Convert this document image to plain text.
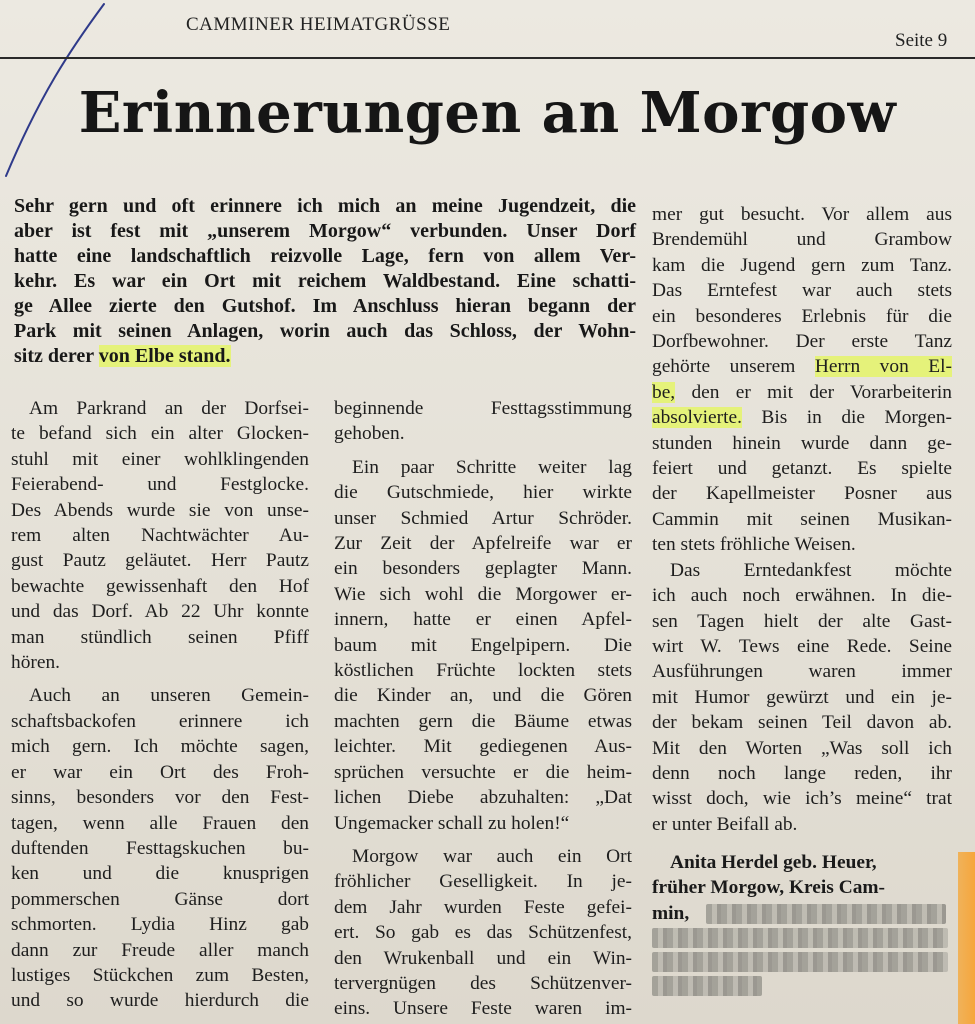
CAMMINER HEIMATGRÜSSE
Seite 9
Erinnerungen an Morgow
Sehr gern und oft erinnere ich mich an meine Jugendzeit, die
aber ist fest mit „unserem Morgow“ verbunden. Unser Dorf
hatte eine landschaftlich reizvolle Lage, fern von allem Ver-
kehr. Es war ein Ort mit reichem Waldbestand. Eine schatti-
ge Allee zierte den Gutshof. Im Anschluss hieran begann der
Park mit seinen Anlagen, worin auch das Schloss, der Wohn-
sitz derer von Elbe stand.
Am Parkrand an der Dorfsei-
te befand sich ein alter Glocken-
stuhl mit einer wohlklingenden
Feierabend- und Festglocke.
Des Abends wurde sie von unse-
rem alten Nachtwächter Au-
gust Pautz geläutet. Herr Pautz
bewachte gewissenhaft den Hof
und das Dorf. Ab 22 Uhr konnte
man stündlich seinen Pfiff
hören.
Auch an unseren Gemein-
schaftsbackofen erinnere ich
mich gern. Ich möchte sagen,
er war ein Ort des Froh-
sinns, besonders vor den Fest-
tagen, wenn alle Frauen den
duftenden Festtagskuchen bu-
ken und die knusprigen
pommerschen Gänse dort
schmorten. Lydia Hinz gab
dann zur Freude aller manch
lustiges Stückchen zum Besten,
und so wurde hierdurch die
beginnende Festtagsstimmung
gehoben.
Ein paar Schritte weiter lag
die Gutschmiede, hier wirkte
unser Schmied Artur Schröder.
Zur Zeit der Apfelreife war er
ein besonders geplagter Mann.
Wie sich wohl die Morgower er-
innern, hatte er einen Apfel-
baum mit Engelpipern. Die
köstlichen Früchte lockten stets
die Kinder an, und die Gören
machten gern die Bäume etwas
leichter. Mit gediegenen Aus-
sprüchen versuchte er die heim-
lichen Diebe abzuhalten: „Dat
Ungemacker schall zu holen!“
Morgow war auch ein Ort
fröhlicher Geselligkeit. In je-
dem Jahr wurden Feste gefei-
ert. So gab es das Schützenfest,
den Wrukenball und ein Win-
tervergnügen des Schützenver-
eins. Unsere Feste waren im-
mer gut besucht. Vor allem aus
Brendemühl und Grambow
kam die Jugend gern zum Tanz.
Das Erntefest war auch stets
ein besonderes Erlebnis für die
Dorfbewohner. Der erste Tanz
gehörte unserem Herrn von El-
be, den er mit der Vorarbeiterin
absolvierte. Bis in die Morgen-
stunden hinein wurde dann ge-
feiert und getanzt. Es spielte
der Kapellmeister Posner aus
Cammin mit seinen Musikan-
ten stets fröhliche Weisen.
Das Erntedankfest möchte
ich auch noch erwähnen. In die-
sen Tagen hielt der alte Gast-
wirt W. Tews eine Rede. Seine
Ausführungen waren immer
mit Humor gewürzt und ein je-
der bekam seinen Teil davon ab.
Mit den Worten „Was soll ich
denn noch lange reden, ihr
wisst doch, wie ich’s meine“ trat
er unter Beifall ab.
Anita Herdel geb. Heuer,
früher Morgow, Kreis Cam-
min,
